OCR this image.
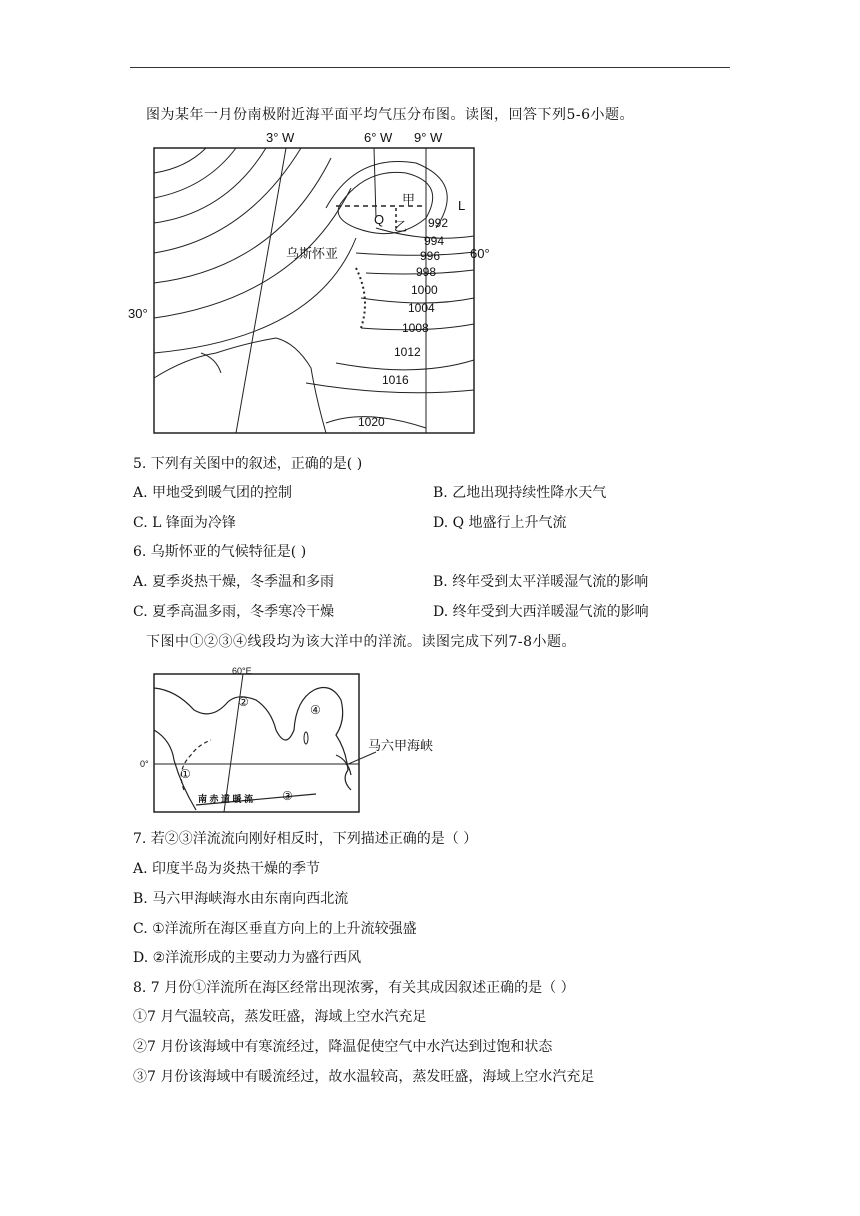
图为某年一月份南极附近海平面平均气压分布图。读图，回答下列5-6小题。
3° W	6° W 9° W
60°
30°
乌斯怀亚
甲
乙
Q
L
992
994
996
998
1000
1004
1008
1012
1016
1020
5. 下列有关图中的叙述，正确的是( )
A. 甲地受到暖气团的控制	B. 乙地出现持续性降水天气
C. L 锋面为冷锋	D. Q 地盛行上升气流
6. 乌斯怀亚的气候特征是( )
A. 夏季炎热干燥，冬季温和多雨	B. 终年受到太平洋暖湿气流的影响
C. 夏季高温多雨，冬季寒冷干燥	D. 终年受到大西洋暖湿气流的影响
下图中①②③④线段均为该大洋中的洋流。读图完成下列7-8小题。
60°E
0°
①
②
③
④
南 赤 道 暖 流
马六甲海峡
7. 若②③洋流流向刚好相反时，下列描述正确的是（ ）
A. 印度半岛为炎热干燥的季节
B. 马六甲海峡海水由东南向西北流
C. ①洋流所在海区垂直方向上的上升流较强盛
D. ②洋流形成的主要动力为盛行西风
8. 7 月份①洋流所在海区经常出现浓雾，有关其成因叙述正确的是（ ）
①7 月气温较高，蒸发旺盛，海域上空水汽充足
②7 月份该海域中有寒流经过，降温促使空气中水汽达到过饱和状态
③7 月份该海域中有暖流经过，故水温较高，蒸发旺盛，海域上空水汽充足
